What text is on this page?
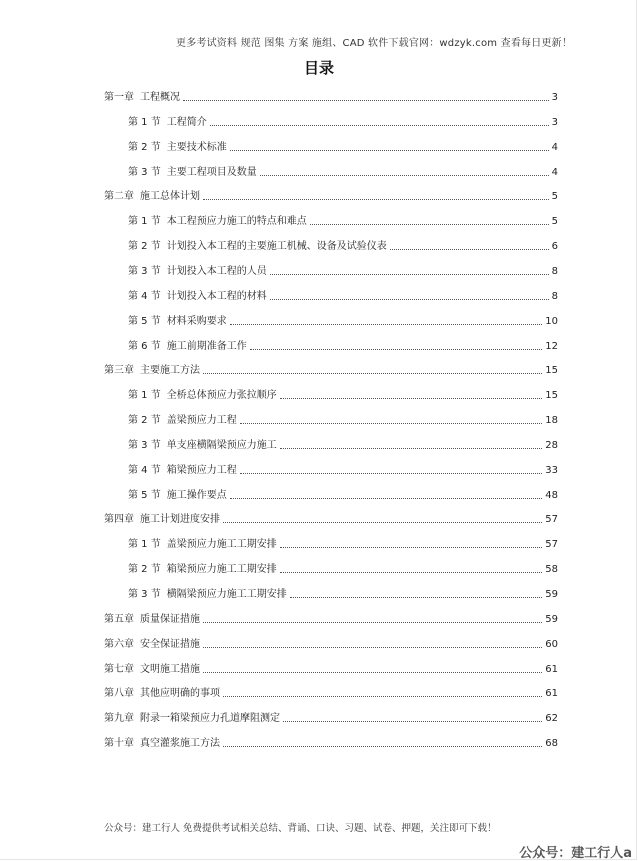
更多考试资料 规范 图集 方案 施组、CAD 软件下载官网：wdzyk.com 查看每日更新！
目录
第一章 工程概况	3
第 1 节 工程简介	3
第 2 节 主要技术标准	4
第 3 节 主要工程项目及数量	4
第二章 施工总体计划	5
第 1 节 本工程预应力施工的特点和难点	5
第 2 节 计划投入本工程的主要施工机械、设备及试验仪表	6
第 3 节 计划投入本工程的人员	8
第 4 节 计划投入本工程的材料	8
第 5 节 材料采购要求	10
第 6 节 施工前期准备工作	12
第三章 主要施工方法	15
第 1 节 全桥总体预应力张拉顺序	15
第 2 节 盖梁预应力工程	18
第 3 节 单支座横隔梁预应力施工	28
第 4 节 箱梁预应力工程	33
第 5 节 施工操作要点	48
第四章 施工计划进度安排	57
第 1 节 盖梁预应力施工工期安排	57
第 2 节 箱梁预应力施工工期安排	58
第 3 节 横隔梁预应力施工工期安排	59
第五章 质量保证措施	59
第六章 安全保证措施	60
第七章 文明施工措施	61
第八章 其他应明确的事项	61
第九章 附录一箱梁预应力孔道摩阻测定	62
第十章 真空灌浆施工方法	68
公众号：建工行人 免费提供考试相关总结、背诵、口诀、习题、试卷、押题，关注即可下载！
公众号：建工行人a
